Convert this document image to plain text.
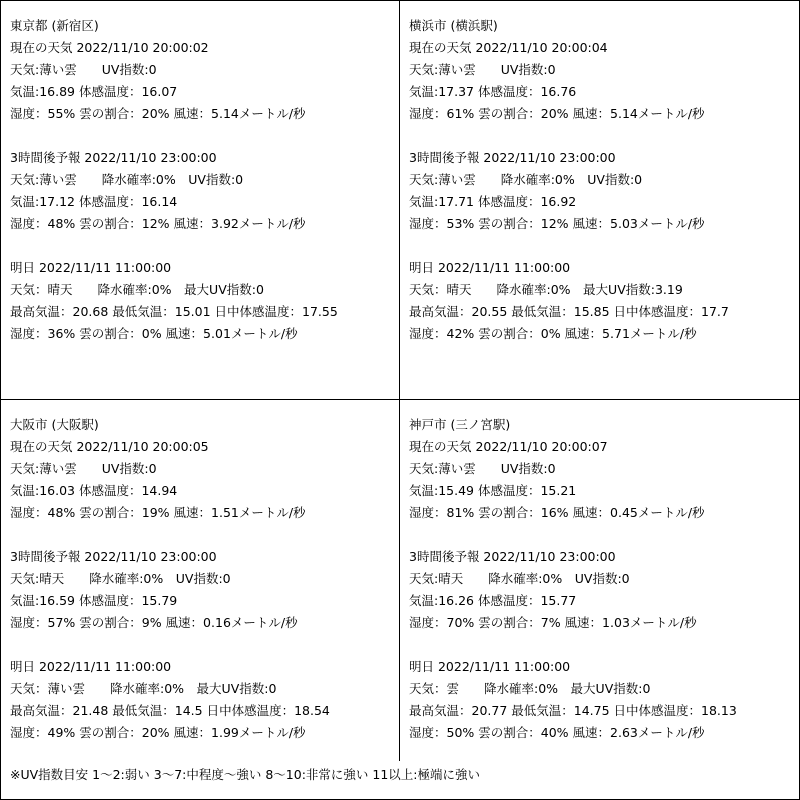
東京都 (新宿区)
現在の天気 2022/11/10 20:00:02
天気:薄い雲　　UV指数:0
気温:16.89 体感温度：16.07
湿度：55% 雲の割合：20% 風速：5.14メートル/秒
3時間後予報 2022/11/10 23:00:00
天気:薄い雲　　降水確率:0%　UV指数:0
気温:17.12 体感温度：16.14
湿度：48% 雲の割合：12% 風速：3.92メートル/秒
明日 2022/11/11 11:00:00
天気：晴天　　降水確率:0%　最大UV指数:0
最高気温：20.68 最低気温：15.01 日中体感温度：17.55
湿度：36% 雲の割合：0% 風速：5.01メートル/秒
横浜市 (横浜駅)
現在の天気 2022/11/10 20:00:04
天気:薄い雲　　UV指数:0
気温:17.37 体感温度：16.76
湿度：61% 雲の割合：20% 風速：5.14メートル/秒
3時間後予報 2022/11/10 23:00:00
天気:薄い雲　　降水確率:0%　UV指数:0
気温:17.71 体感温度：16.92
湿度：53% 雲の割合：12% 風速：5.03メートル/秒
明日 2022/11/11 11:00:00
天気：晴天　　降水確率:0%　最大UV指数:3.19
最高気温：20.55 最低気温：15.85 日中体感温度：17.7
湿度：42% 雲の割合：0% 風速：5.71メートル/秒
大阪市 (大阪駅)
現在の天気 2022/11/10 20:00:05
天気:薄い雲　　UV指数:0
気温:16.03 体感温度：14.94
湿度：48% 雲の割合：19% 風速：1.51メートル/秒
3時間後予報 2022/11/10 23:00:00
天気:晴天　　降水確率:0%　UV指数:0
気温:16.59 体感温度：15.79
湿度：57% 雲の割合：9% 風速：0.16メートル/秒
明日 2022/11/11 11:00:00
天気：薄い雲　　降水確率:0%　最大UV指数:0
最高気温：21.48 最低気温：14.5 日中体感温度：18.54
湿度：49% 雲の割合：20% 風速：1.99メートル/秒
神戸市 (三ノ宮駅)
現在の天気 2022/11/10 20:00:07
天気:薄い雲　　UV指数:0
気温:15.49 体感温度：15.21
湿度：81% 雲の割合：16% 風速：0.45メートル/秒
3時間後予報 2022/11/10 23:00:00
天気:晴天　　降水確率:0%　UV指数:0
気温:16.26 体感温度：15.77
湿度：70% 雲の割合：7% 風速：1.03メートル/秒
明日 2022/11/11 11:00:00
天気：雲　　降水確率:0%　最大UV指数:0
最高気温：20.77 最低気温：14.75 日中体感温度：18.13
湿度：50% 雲の割合：40% 風速：2.63メートル/秒
※UV指数目安 1～2:弱い 3～7:中程度～強い 8～10:非常に強い 11以上:極端に強い
